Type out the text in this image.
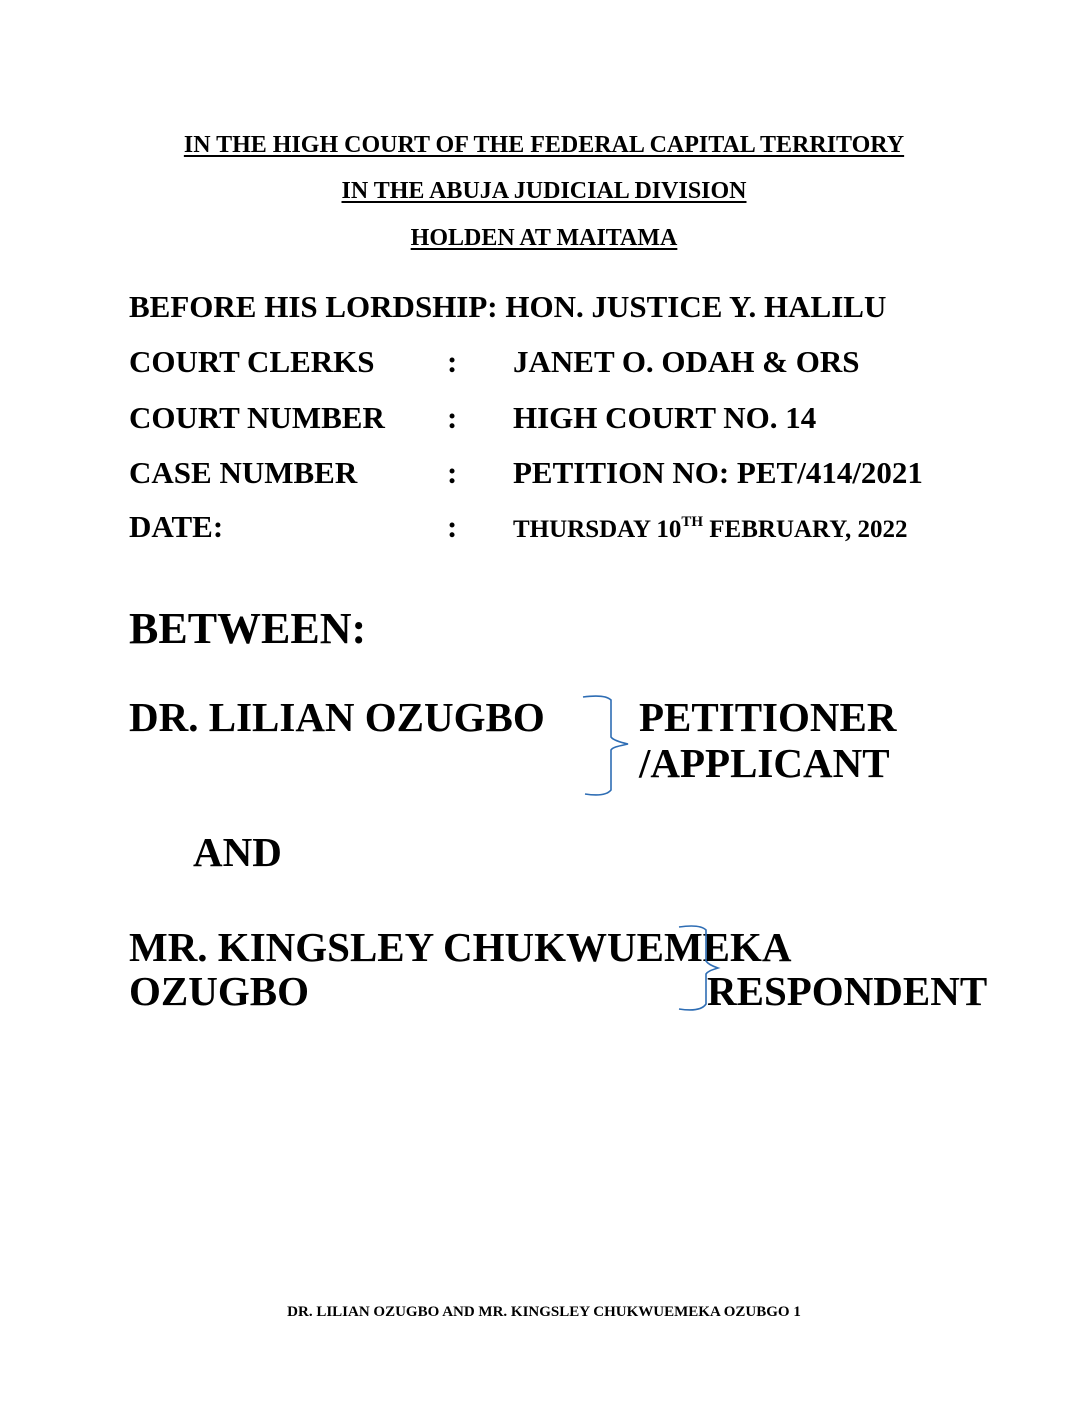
IN THE HIGH COURT OF THE FEDERAL CAPITAL TERRITORY
IN THE ABUJA JUDICIAL DIVISION
HOLDEN AT MAITAMA
BEFORE HIS LORDSHIP: HON. JUSTICE Y. HALILU
COURT CLERKS : JANET O. ODAH & ORS
COURT NUMBER : HIGH COURT NO. 14
CASE NUMBER	: PETITION NO: PET/414/2021
DATE:	: THURSDAY 10TH FEBRUARY, 2022
BETWEEN:
DR. LILIAN OZUGBO PETITIONER
/APPLICANT
AND
MR. KINGSLEY CHUKWUEMEKA
OZUGBO	RESPONDENT
DR. LILIAN OZUGBO AND MR. KINGSLEY CHUKWUEMEKA OZUBGO 1
